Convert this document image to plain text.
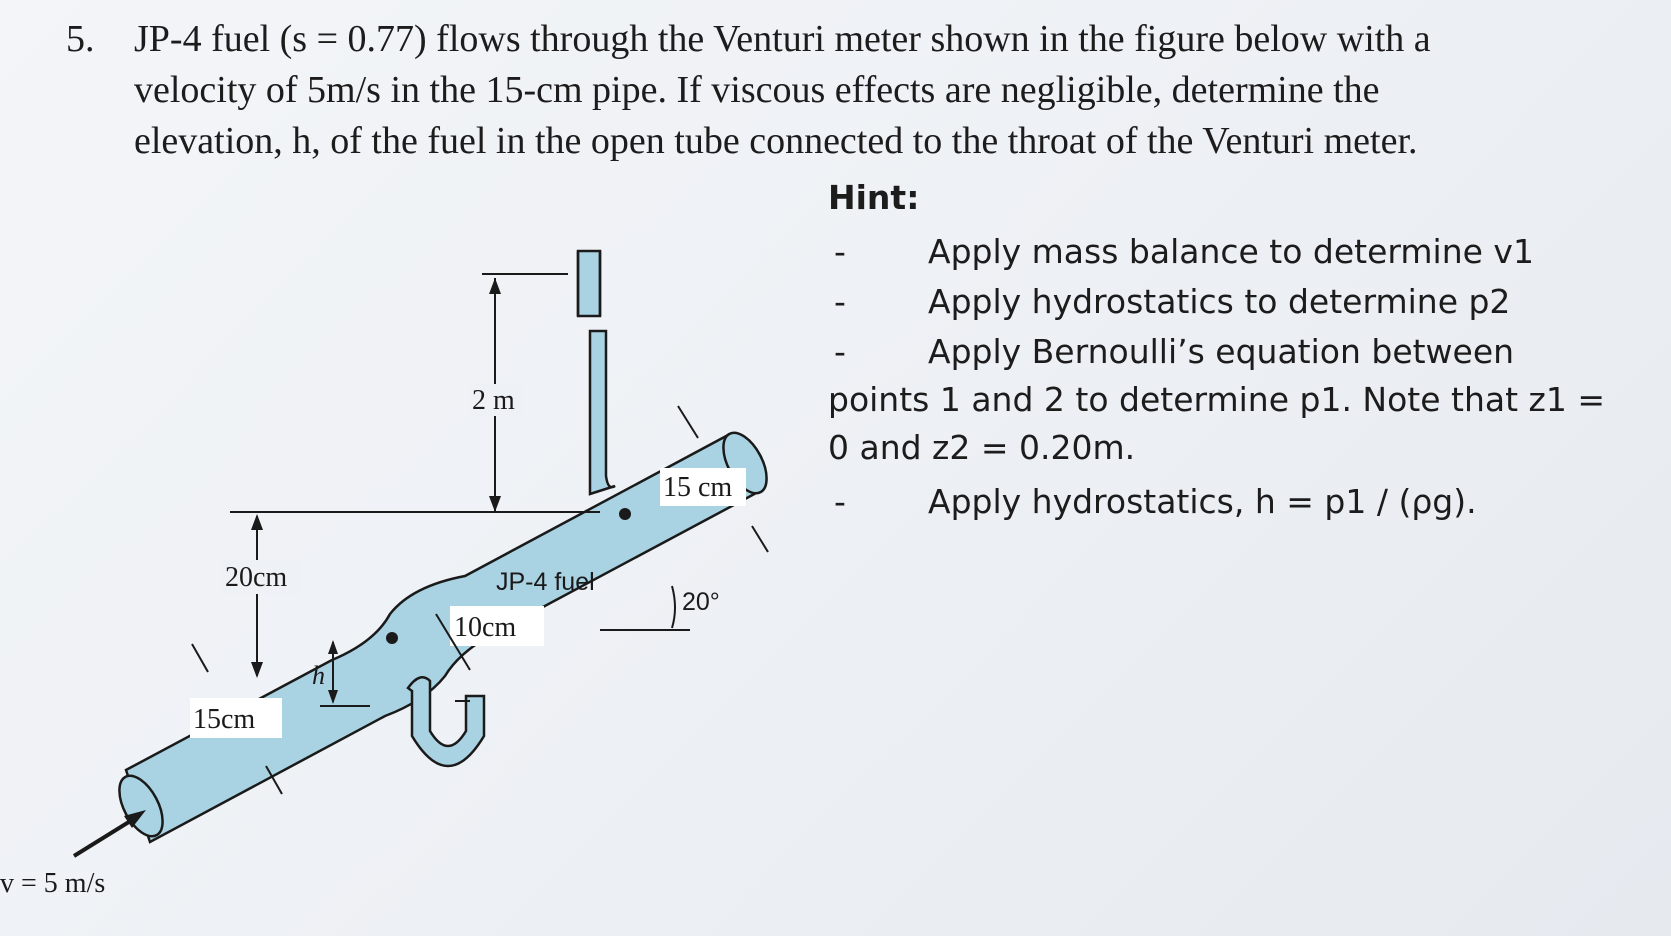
5. JP-4 fuel (s = 0.77) flows through the Venturi meter shown in the figure below with a
velocity of 5m/s in the 15-cm pipe. If viscous effects are negligible, determine the
elevation, h, of the fuel in the open tube connected to the throat of the Venturi meter.
Hint:
- Apply mass balance to determine v1
- Apply hydrostatics to determine p2
- Apply Bernoulli’s equation between
points 1 and 2 to determine p1. Note that z1 =
0 and z2 = 0.20m.
- Apply hydrostatics, h = p1 / (ρg).
2 m
20cm
h
15 cm
JP-4 fuel
20°
10cm
15cm
v = 5 m/s
